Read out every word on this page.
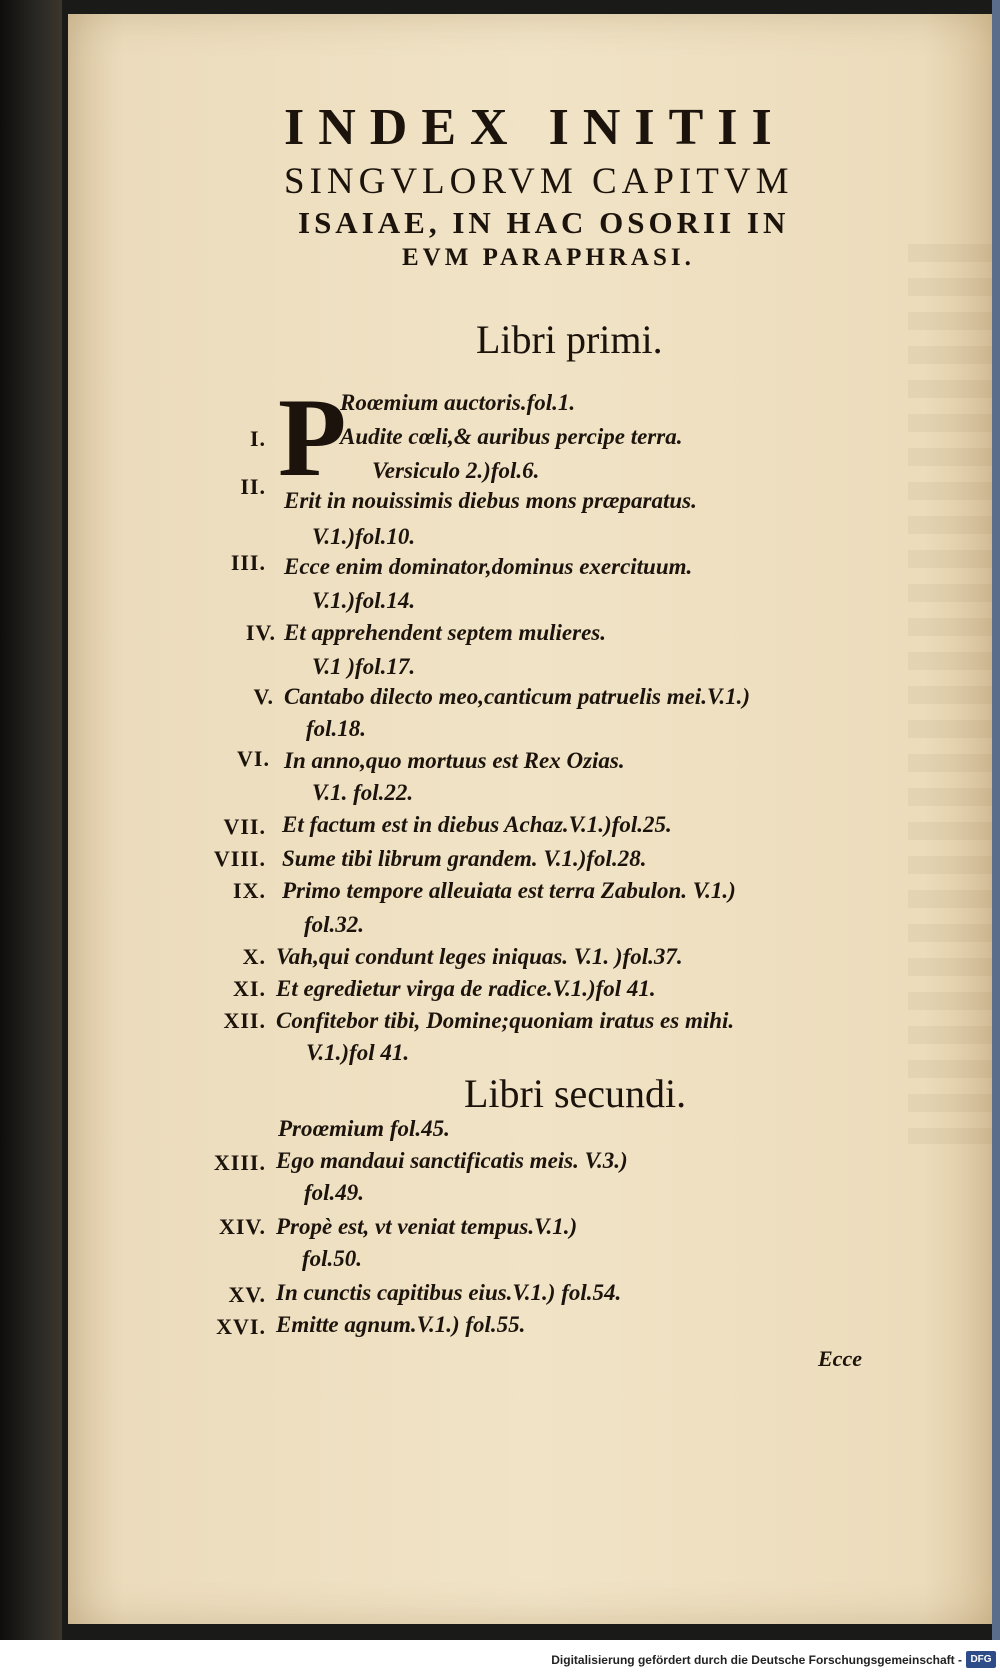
INDEX INITII
SINGVLORVM CAPITVM
ISAIAE, IN HAC OSORII IN
EVM PARAPHRASI.
Libri primi.
P
Roœmium auctoris.fol.1.
I.	Audite cœli,& auribus percipe terra.
Versiculo 2.)fol.6.
II.
Erit in nouissimis diebus mons præparatus.
V.1.)fol.10.
III. Ecce enim dominator,dominus exercituum.
V.1.)fol.14.
IV. Et apprehendent septem mulieres.
V.1 )fol.17.
V. Cantabo dilecto meo,canticum patruelis mei.V.1.)
fol.18.
VI. In anno,quo mortuus est Rex Ozias.
V.1. fol.22.
VII. Et factum est in diebus Achaz.V.1.)fol.25.
VIII. Sume tibi librum grandem. V.1.)fol.28.
IX. Primo tempore alleuiata est terra Zabulon. V.1.)
fol.32.
X. Vah,qui condunt leges iniquas. V.1. )fol.37.
XI. Et egredietur virga de radice.V.1.)fol 41.
XII. Confitebor tibi, Domine;quoniam iratus es mihi.
V.1.)fol 41.
Libri secundi.
Proœmium fol.45.
XIII. Ego mandaui sanctificatis meis. V.3.)
fol.49.
XIV. Propè est, vt veniat tempus.V.1.)
fol.50.
XV. In cunctis capitibus eius.V.1.) fol.54.
XVI. Emitte agnum.V.1.) fol.55.
Ecce
Digitalisierung gefördert durch die Deutsche Forschungsgemeinschaft - DFG
